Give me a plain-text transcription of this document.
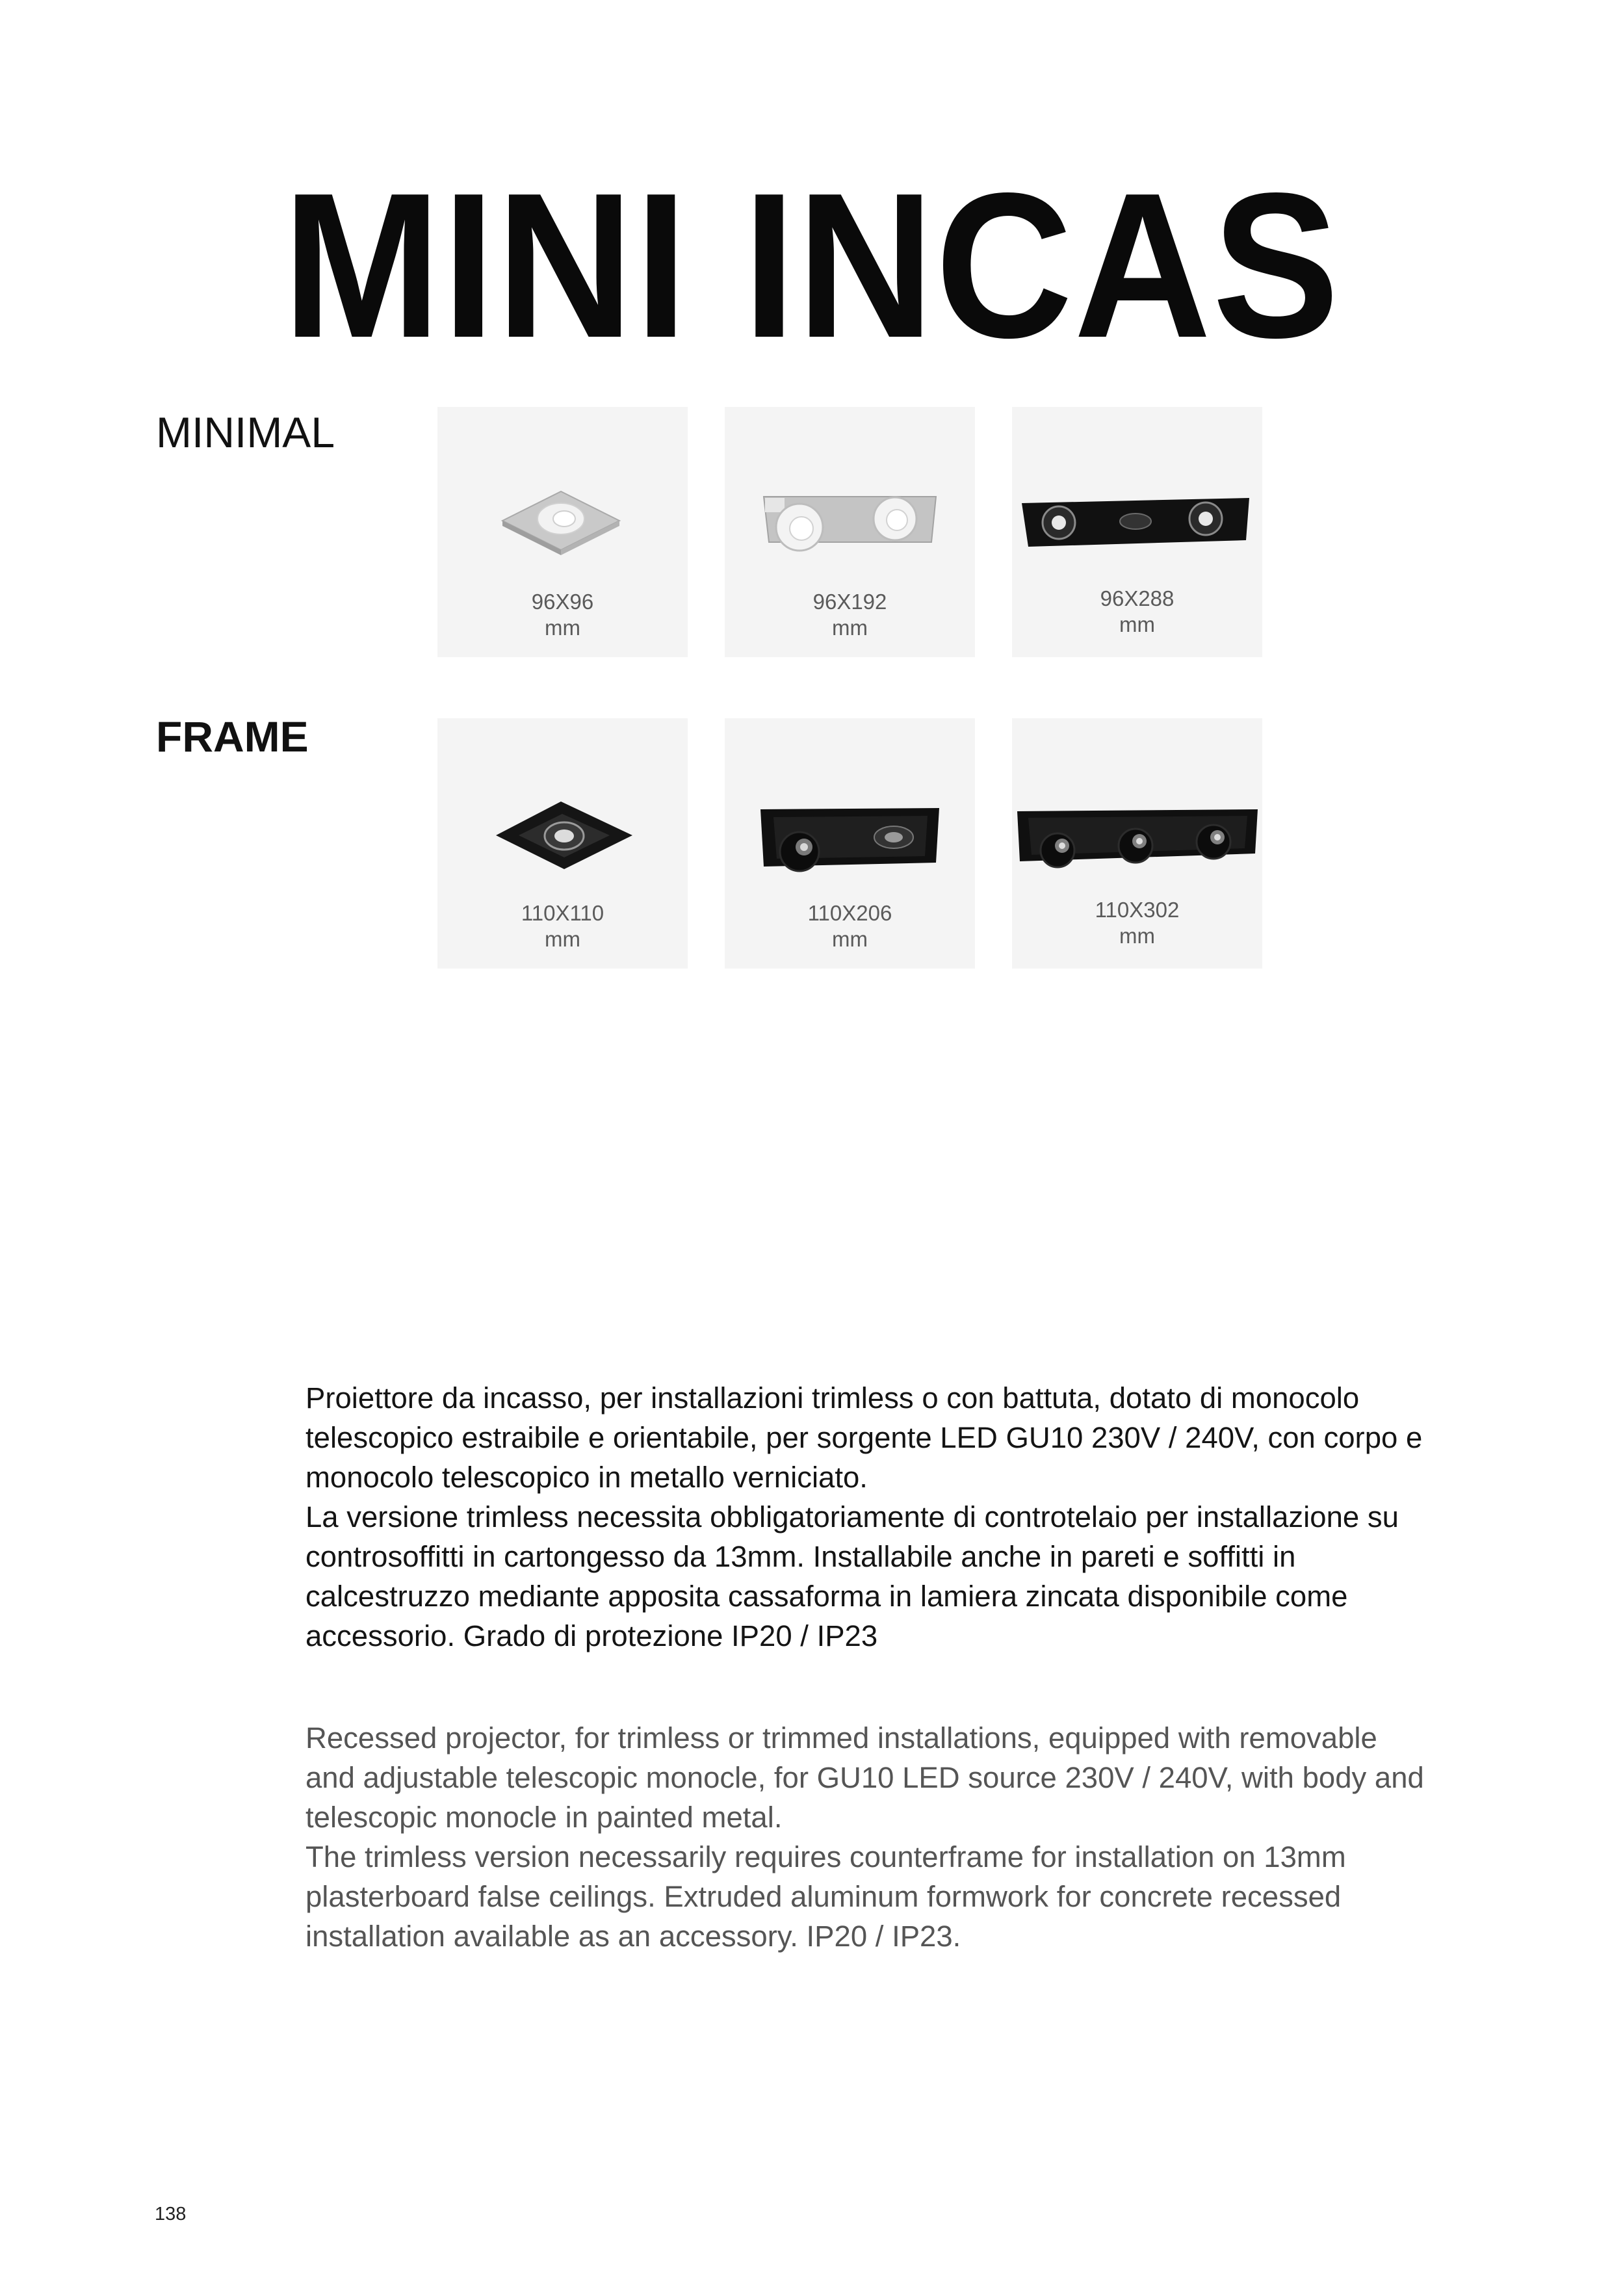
MINI INCAS
MINIMAL
96X96
mm
96X192
mm
96X288
mm
FRAME
110X110
mm
110X206
mm
110X302
mm

Proiettore da incasso, per installazioni trimless o con battuta, dotato di monocolo telescopico estraibile e orientabile, per sorgente LED GU10 230V / 240V, con corpo e monocolo telescopico in metallo verniciato.

La versione trimless necessita obbligatoriamente di controtelaio per installazione su controsoffitti in cartongesso da 13mm. Installabile anche in pareti e soffitti in calcestruzzo mediante apposita cassaforma in lamiera zincata disponibile come accessorio. Grado di protezione IP20 / IP23

Recessed projector, for trimless or trimmed installations, equipped with removable and adjustable telescopic monocle, for GU10 LED source 230V / 240V, with body and telescopic monocle in painted metal.

The trimless version necessarily requires counterframe for installation on 13mm plasterboard false ceilings. Extruded aluminum formwork for concrete recessed installation available as an accessory. IP20 / IP23.

138
